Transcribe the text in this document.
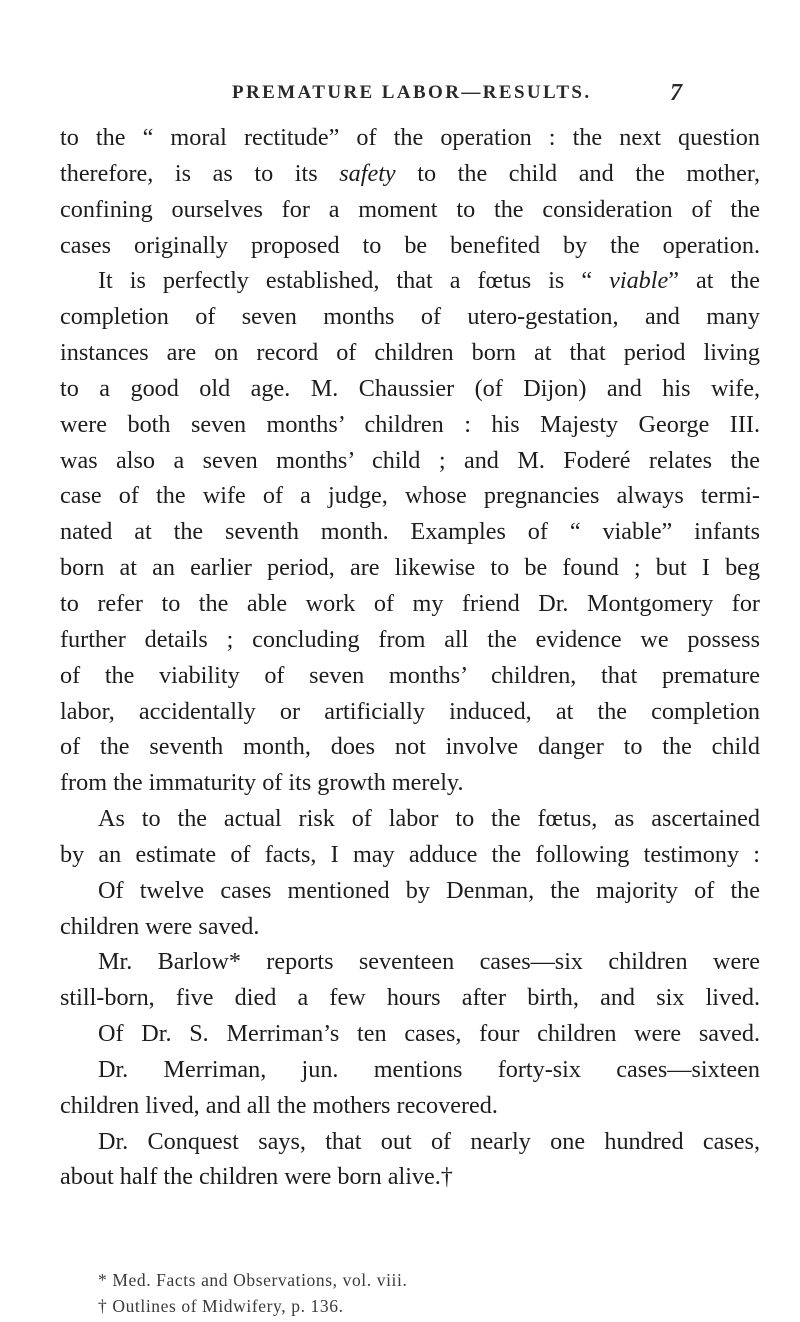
PREMATURE LABOR—RESULTS.	7
to the “ moral rectitude” of the operation : the next question
therefore, is as to its safety to the child and the mother,
confining ourselves for a moment to the consideration of the
cases originally proposed to be benefited by the operation.
It is perfectly established, that a fœtus is “ viable” at the
completion of seven months of utero-gestation, and many
instances are on record of children born at that period living
to a good old age. M. Chaussier (of Dijon) and his wife,
were both seven months’ children : his Majesty George III.
was also a seven months’ child ; and M. Foderé relates the
case of the wife of a judge, whose pregnancies always termi-
nated at the seventh month. Examples of “ viable” infants
born at an earlier period, are likewise to be found ; but I beg
to refer to the able work of my friend Dr. Montgomery for
further details ; concluding from all the evidence we possess
of the viability of seven months’ children, that premature
labor, accidentally or artificially induced, at the completion
of the seventh month, does not involve danger to the child
from the immaturity of its growth merely.
As to the actual risk of labor to the fœtus, as ascertained
by an estimate of facts, I may adduce the following testimony :
Of twelve cases mentioned by Denman, the majority of the
children were saved.
Mr. Barlow* reports seventeen cases—six children were
still-born, five died a few hours after birth, and six lived.
Of Dr. S. Merriman’s ten cases, four children were saved.
Dr. Merriman, jun. mentions forty-six cases—sixteen
children lived, and all the mothers recovered.
Dr. Conquest says, that out of nearly one hundred cases,
about half the children were born alive.†
* Med. Facts and Observations, vol. viii.
† Outlines of Midwifery, p. 136.
